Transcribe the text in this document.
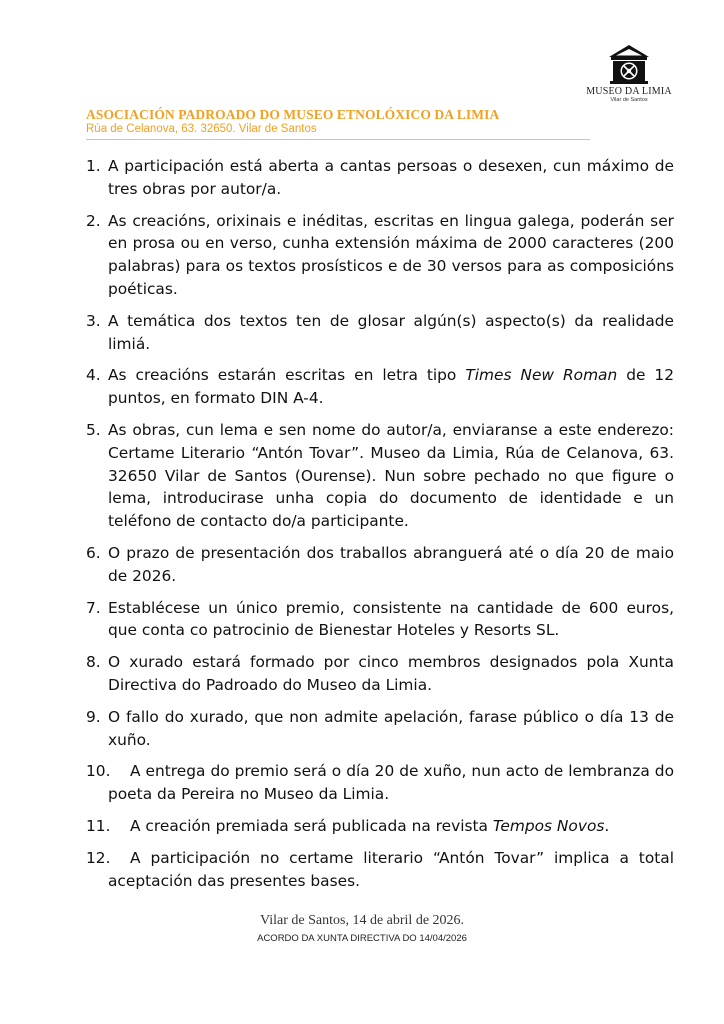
MUSEO DA LIMIA
Vilar de Santos
ASOCIACIÓN PADROADO DO MUSEO ETNOLÓXICO DA LIMIA
Rúa de Celanova, 63. 32650. Vilar de Santos
1. A participación está aberta a cantas persoas o desexen, cun máximo de tres obras por autor/a.
2. As creacións, orixinais e inéditas, escritas en lingua galega, poderán ser en prosa ou en verso, cunha extensión máxima de 2000 caracteres (200 palabras) para os textos prosísticos e de 30 versos para as composicións poéticas.
3. A temática dos textos ten de glosar algún(s) aspecto(s) da realidade limiá.
4. As creacións estarán escritas en letra tipo Times New Roman de 12 puntos, en formato DIN A-4.
5. As obras, cun lema e sen nome do autor/a, enviaranse a este enderezo: Certame Literario “Antón Tovar”. Museo da Limia, Rúa de Celanova, 63. 32650 Vilar de Santos (Ourense). Nun sobre pechado no que figure o lema, introducirase unha copia do documento de identidade e un teléfono de contacto do/a participante.
6. O prazo de presentación dos traballos abranguerá até o día 20 de maio de 2026.
7. Establécese un único premio, consistente na cantidade de 600 euros, que conta co patrocinio de Bienestar Hoteles y Resorts SL.
8. O xurado estará formado por cinco membros designados pola Xunta Directiva do Padroado do Museo da Limia.
9. O fallo do xurado, que non admite apelación, farase público o día 13 de xuño.
10.	A entrega do premio será o día 20 de xuño, nun acto de lembranza do poeta da Pereira no Museo da Limia.
11.	A creación premiada será publicada na revista Tempos Novos.
12.	A participación no certame literario “Antón Tovar” implica a total aceptación das presentes bases.
Vilar de Santos, 14 de abril de 2026.
ACORDO DA XUNTA DIRECTIVA DO 14/04/2026
